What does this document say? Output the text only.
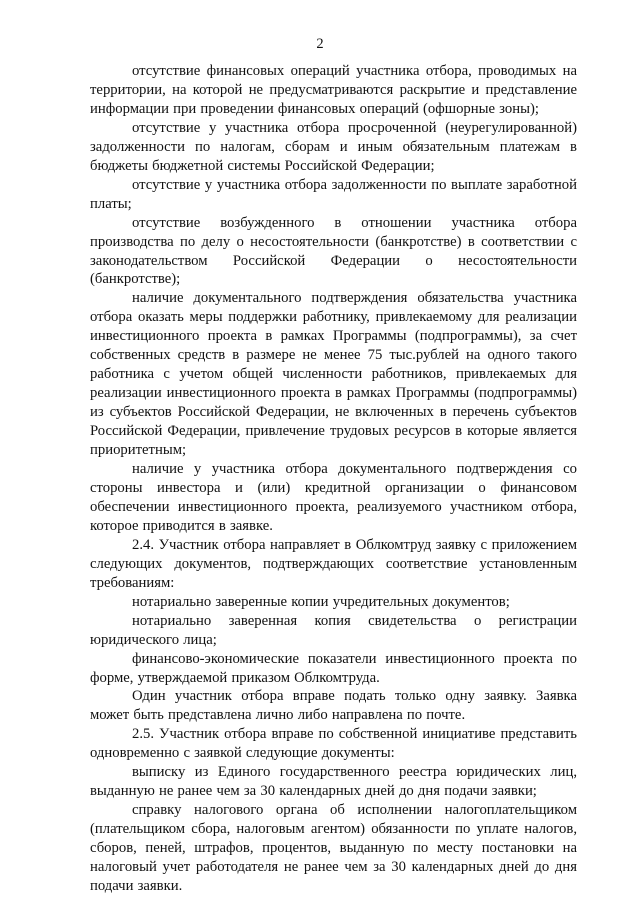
2

отсутствие финансовых операций участника отбора, проводимых на территории, на которой не предусматриваются раскрытие и представление информации при проведении финансовых операций (офшорные зоны);

отсутствие у участника отбора просроченной (неурегулированной) задолженности по налогам, сборам и иным обязательным платежам в бюджеты бюджетной системы Российской Федерации;

отсутствие у участника отбора задолженности по выплате заработной платы;

отсутствие возбужденного в отношении участника отбора производства по делу о несостоятельности (банкротстве) в соответствии с законодательством Российской Федерации о несостоятельности (банкротстве);

наличие документального подтверждения обязательства участника отбора оказать меры поддержки работнику, привлекаемому для реализации инвестиционного проекта в рамках Программы (подпрограммы), за счет собственных средств в размере не менее 75 тыс.рублей на одного такого работника с учетом общей численности работников, привлекаемых для реализации инвестиционного проекта в рамках Программы (подпрограммы) из субъектов Российской Федерации, не включенных в перечень субъектов Российской Федерации, привлечение трудовых ресурсов в которые является приоритетным;

наличие у участника отбора документального подтверждения со стороны инвестора и (или) кредитной организации о финансовом обеспечении инвестиционного проекта, реализуемого участником отбора, которое приводится в заявке.

2.4. Участник отбора направляет в Облкомтруд заявку с приложением следующих документов, подтверждающих соответствие установленным требованиям:

нотариально заверенные копии учредительных документов;

нотариально заверенная копия свидетельства о регистрации юридического лица;

финансово-экономические показатели инвестиционного проекта по форме, утверждаемой приказом Облкомтруда.

Один участник отбора вправе подать только одну заявку. Заявка может быть представлена лично либо направлена по почте.

2.5. Участник отбора вправе по собственной инициативе представить одновременно с заявкой следующие документы:

выписку из Единого государственного реестра юридических лиц, выданную не ранее чем за 30 календарных дней до дня подачи заявки;

справку налогового органа об исполнении налогоплательщиком (плательщиком сбора, налоговым агентом) обязанности по уплате налогов, сборов, пеней, штрафов, процентов, выданную по месту постановки на налоговый учет работодателя не ранее чем за 30 календарных дней до дня подачи заявки.
